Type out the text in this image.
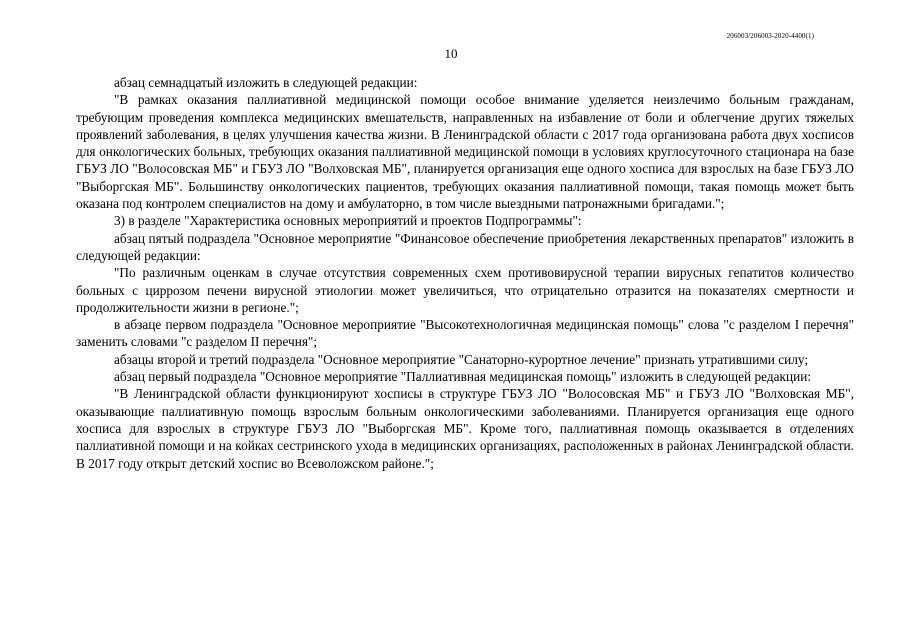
206003/206003-2020-4400(1)
10

абзац семнадцатый изложить в следующей редакции:

"В рамках оказания паллиативной медицинской помощи особое внимание уделяется неизлечимо больным гражданам, требующим проведения комплекса медицинских вмешательств, направленных на избавление от боли и облегчение других тяжелых проявлений заболевания, в целях улучшения качества жизни. В Ленинградской области с 2017 года организована работа двух хосписов для онкологических больных, требующих оказания паллиативной медицинской помощи в условиях круглосуточного стационара на базе ГБУЗ ЛО "Волосовская МБ" и ГБУЗ ЛО "Волховская МБ", планируется организация еще одного хосписа для взрослых на базе ГБУЗ ЛО "Выборгская МБ". Большинству онкологических пациентов, требующих оказания паллиативной помощи, такая помощь может быть оказана под контролем специалистов на дому и амбулаторно, в том числе выездными патронажными бригадами.";

3) в разделе "Характеристика основных мероприятий и проектов Подпрограммы":

абзац пятый подраздела "Основное мероприятие "Финансовое обеспечение приобретения лекарственных препаратов" изложить в следующей редакции:

"По различным оценкам в случае отсутствия современных схем противовирусной терапии вирусных гепатитов количество больных с циррозом печени вирусной этиологии может увеличиться, что отрицательно отразится на показателях смертности и продолжительности жизни в регионе.";

в абзаце первом подраздела "Основное мероприятие "Высокотехнологичная медицинская помощь" слова "с разделом I перечня" заменить словами "с разделом II перечня";

абзацы второй и третий подраздела "Основное мероприятие "Санаторно-курортное лечение" признать утратившими силу;

абзац первый подраздела "Основное мероприятие "Паллиативная медицинская помощь" изложить в следующей редакции:

"В Ленинградской области функционируют хосписы в структуре ГБУЗ ЛО "Волосовская МБ" и ГБУЗ ЛО "Волховская МБ", оказывающие паллиативную помощь взрослым больным онкологическими заболеваниями. Планируется организация еще одного хосписа для взрослых в структуре ГБУЗ ЛО "Выборгская МБ". Кроме того, паллиативная помощь оказывается в отделениях паллиативной помощи и на койках сестринского ухода в медицинских организациях, расположенных в районах Ленинградской области. В 2017 году открыт детский хоспис во Всеволожском районе.";
